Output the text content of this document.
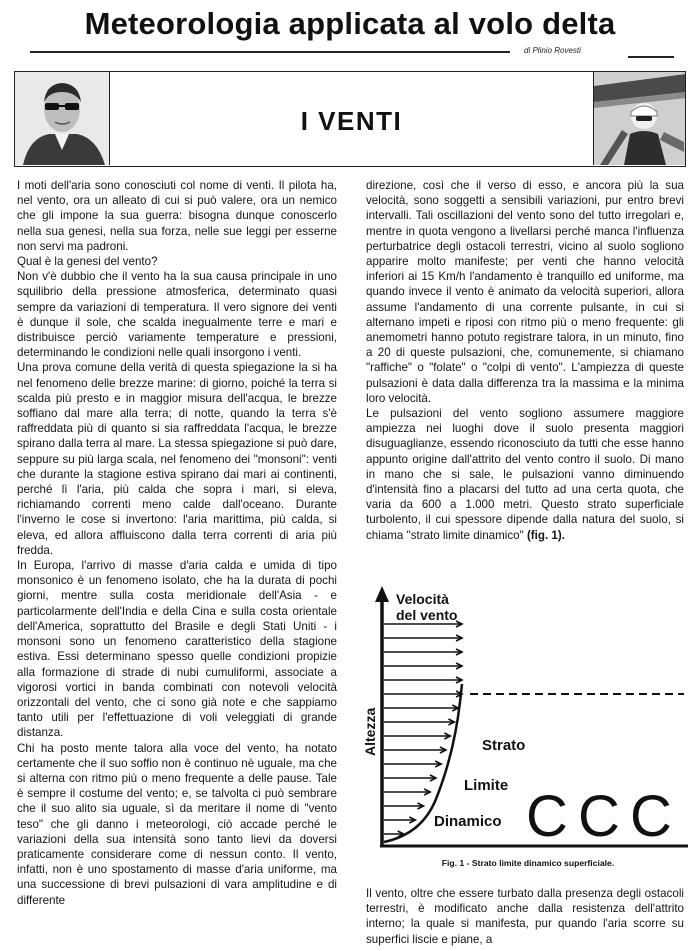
Meteorologia applicata al volo delta
di Plinio Rovesti
I VENTI

I moti dell'aria sono conosciuti col nome di venti. Il pilota ha, nel vento, ora un alleato di cui si può valere, ora un nemico che gli impone la sua guerra: bisogna dunque conoscerlo nella sua genesi, nella sua forza, nelle sue leggi per esserne non servi ma padroni.

Qual è la genesi del vento?

Non v'è dubbio che il vento ha la sua causa principale in uno squilibrio della pressione atmosferica, determinato quasi sempre da variazioni di temperatura. Il vero signore dei venti è dunque il sole, che scalda inegualmente terre e mari e distribuisce perciò variamente temperature e pressioni, determinando le condizioni nelle quali insorgono i venti.

Una prova comune della verità di questa spiegazione la si ha nel fenomeno delle brezze marine: di giorno, poiché la terra si scalda più presto e in maggior misura dell'acqua, le brezze soffiano dal mare alla terra; di notte, quando la terra s'è raffreddata più di quanto si sia raffreddata l'acqua, le brezze spirano dalla terra al mare. La stessa spiegazione si può dare, seppure su più larga scala, nel fenomeno dei "monsoni": venti che durante la stagione estiva spirano dai mari ai continenti, perché lì l'aria, più calda che sopra i mari, si eleva, richiamando correnti meno calde dall'oceano. Durante l'inverno le cose si invertono: l'aria marittima, più calda, si eleva, ed allora affluiscono dalla terra correnti di aria più fredda.

In Europa, l'arrivo di masse d'aria calda e umida di tipo monsonico è un fenomeno isolato, che ha la durata di pochi giorni, mentre sulla costa meridionale dell'Asia - e particolarmente dell'India e della Cina e sulla costa orientale dell'America, soprattutto del Brasile e degli Stati Uniti - i monsoni sono un fenomeno caratteristico della stagione estiva. Essi determinano spesso quelle condizioni propizie alla formazione di strade di nubi cumuliformi, associate a vigorosi vortici in banda combinati con notevoli velocità orizzontali del vento, che ci sono già note e che sappiamo tanto utili per l'effettuazione di voli veleggiati di grande distanza.

Chi ha posto mente talora alla voce del vento, ha notato certamente che il suo soffio non è continuo nè uguale, ma che si alterna con ritmo più o meno frequente a delle pause. Tale è sempre il costume del vento; e, se talvolta ci può sembrare che il suo alito sia uguale, sì da meritare il nome di "vento teso" che gli danno i meteorologi, ciò accade perché le variazioni della sua intensità sono tanto lievi da doversi praticamente considerare come di nessun conto. Il vento, infatti, non è uno spostamento di masse d'aria uniforme, ma una successione di brevi pulsazioni di vara amplitudine e di differente

direzione, così che il verso di esso, e ancora più la sua velocità, sono soggetti a sensibili variazioni, pur entro brevi intervalli. Tali oscillazioni del vento sono del tutto irregolari e, mentre in quota vengono a livellarsi perché manca l'influenza perturbatrice degli ostacoli terrestri, vicino al suolo sogliono apparire molto manifeste; per venti che hanno velocità inferiori ai 15 Km/h l'andamento è tranquillo ed uniforme, ma quando invece il vento è animato da velocità superiori, allora assume l'andamento di una corrente pulsante, in cui si alternano impeti e riposi con ritmo più o meno frequente: gli anemometri hanno potuto registrare talora, in un minuto, fino a 20 di queste pulsazioni, che, comunemente, si chiamano "raffiche" o "folate" o "colpi di vento". L'ampiezza di queste pulsazioni è data dalla differenza tra la massima e la minima loro velocità.

Le pulsazioni del vento sogliono assumere maggiore ampiezza nei luoghi dove il suolo presenta maggiori disuguaglianze, essendo riconosciuto da tutti che esse hanno appunto origine dall'attrito del vento contro il suolo. Di mano in mano che si sale, le pulsazioni vanno diminuendo d'intensità fino a placarsi del tutto ad una certa quota, che varia da 600 a 1.000 metri. Questo strato superficiale turbolento, il cui spessore dipende dalla natura del suolo, si chiama "strato limite dinamico" (fig. 1).

Velocità
del vento
Altezza	Strato
Limite
Dinamico C C C
Fig. 1 - Strato limite dinamico superficiale.

Il vento, oltre che essere turbato dalla presenza degli ostacoli terrestri, è modificato anche dalla resistenza dell'attrito interno; la quale si manifesta, pur quando l'aria scorre su superfici liscie e piane, a
